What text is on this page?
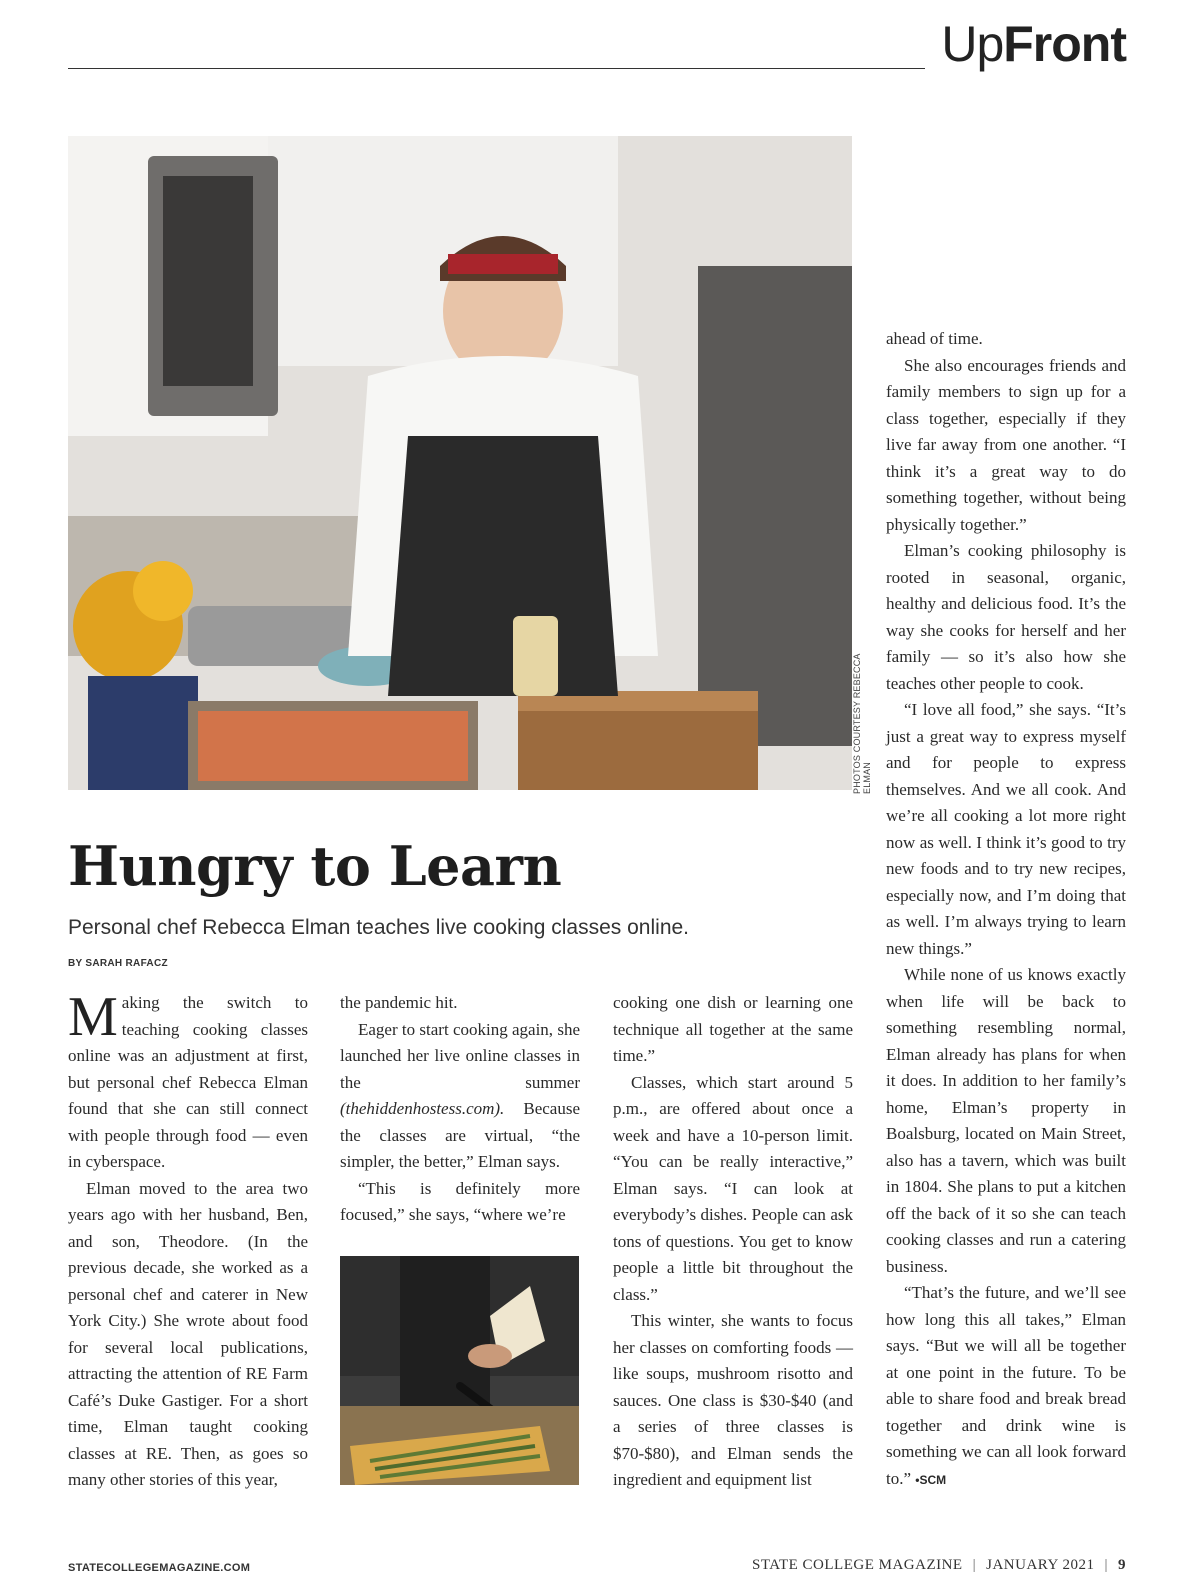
UpFront
PHOTOS COURTESY REBECCA ELMAN
Hungry to Learn

Personal chef Rebecca Elman teaches live cooking classes online.

BY SARAH RAFACZ

Making the switch to teaching cooking classes online was an adjustment at first, but personal chef Rebecca Elman found that she can still connect with people through food — even in cyberspace.

Elman moved to the area two years ago with her husband, Ben, and son, Theodore. (In the previous decade, she worked as a personal chef and caterer in New York City.) She wrote about food for several local publications, attracting the attention of RE Farm Café’s Duke Gastiger. For a short time, Elman taught cooking classes at RE. Then, as goes so many other stories of this year,

the pandemic hit.

Eager to start cooking again, she launched her live online classes in the summer (thehiddenhostess.com). Because the classes are virtual, “the simpler, the better,” Elman says.

“This is definitely more focused,” she says, “where we’re

cooking one dish or learning one technique all together at the same time.”

Classes, which start around 5 p.m., are offered about once a week and have a 10-person limit. “You can be really interactive,” Elman says. “I can look at everybody’s dishes. People can ask tons of questions. You get to know people a little bit throughout the class.”

This winter, she wants to focus her classes on comforting foods — like soups, mushroom risotto and sauces. One class is $30-$40 (and a series of three classes is $70-$80), and Elman sends the ingredient and equipment list

ahead of time.

She also encourages friends and family members to sign up for a class together, especially if they live far away from one another. “I think it’s a great way to do something together, without being physically together.”

Elman’s cooking philosophy is rooted in seasonal, organic, healthy and delicious food. It’s the way she cooks for herself and her family — so it’s also how she teaches other people to cook.

“I love all food,” she says. “It’s just a great way to express myself and for people to express themselves. And we all cook. And we’re all cooking a lot more right now as well. I think it’s good to try new foods and to try new recipes, especially now, and I’m doing that as well. I’m always trying to learn new things.”

While none of us knows exactly when life will be back to something resembling normal, Elman already has plans for when it does. In addition to her family’s home, Elman’s property in Boalsburg, located on Main Street, also has a tavern, which was built in 1804. She plans to put a kitchen off the back of it so she can teach cooking classes and run a catering business.

“That’s the future, and we’ll see how long this all takes,” Elman says. “But we will all be together at one point in the future. To be able to share food and break bread together and drink wine is something we can all look forward to.” •SCM

STATECOLLEGEMAGAZINE.COM	STATE COLLEGE MAGAZINE | JANUARY 2021 | 9
